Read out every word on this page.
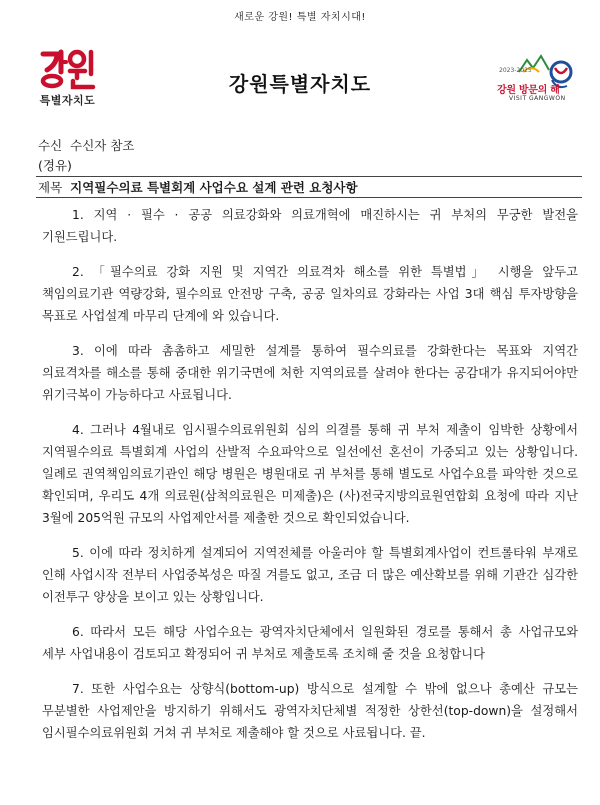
새로운 강원! 특별 자치시대!
특별자치도
강원특별자치도
2023-2025
강원 방문의 해
VISIT GANGWON
수신 수신자 참조
(경유)
제목 지역필수의료 특별회계 사업수요 설계 관련 요청사항

1. 지역 · 필수 · 공공 의료강화와 의료개혁에 매진하시는 귀 부처의 무궁한 발전을 기원드립니다.

2. 「필수의료 강화 지원 및 지역간 의료격차 해소를 위한 특별법」 시행을 앞두고 책임의료기관 역량강화, 필수의료 안전망 구축, 공공 일차의료 강화라는 사업 3대 핵심 투자방향을 목표로 사업설계 마무리 단계에 와 있습니다.

3. 이에 따라 촘촘하고 세밀한 설계를 통하여 필수의료를 강화한다는 목표와 지역간 의료격차를 해소를 통해 중대한 위기국면에 처한 지역의료를 살려야 한다는 공감대가 유지되어야만 위기극복이 가능하다고 사료됩니다.

4. 그러나 4월내로 임시필수의료위원회 심의 의결를 통해 귀 부처 제출이 임박한 상황에서 지역필수의료 특별회계 사업의 산발적 수요파악으로 일선에선 혼선이 가중되고 있는 상황입니다. 일례로 권역책임의료기관인 해당 병원은 병원대로 귀 부처를 통해 별도로 사업수요를 파악한 것으로 확인되며, 우리도 4개 의료원(삼척의료원은 미제출)은 (사)전국지방의료원연합회 요청에 따라 지난 3월에 205억원 규모의 사업제안서를 제출한 것으로 확인되었습니다.

5. 이에 따라 정치하게 설계되어 지역전체를 아울러야 할 특별회계사업이 컨트롤타워 부재로 인해 사업시작 전부터 사업중복성은 따질 겨를도 없고, 조금 더 많은 예산확보를 위해 기관간 심각한 이전투구 양상을 보이고 있는 상황입니다.

6. 따라서 모든 해당 사업수요는 광역자치단체에서 일원화된 경로를 통해서 총 사업규모와 세부 사업내용이 검토되고 확정되어 귀 부처로 제출토록 조치해 줄 것을 요청합니다

7. 또한 사업수요는 상향식(bottom-up) 방식으로 설계할 수 밖에 없으나 총예산 규모는 무분별한 사업제안을 방지하기 위해서도 광역자치단체별 적정한 상한선(top-down)을 설정해서 임시필수의료위원회 거쳐 귀 부처로 제출해야 할 것으로 사료됩니다. 끝.
